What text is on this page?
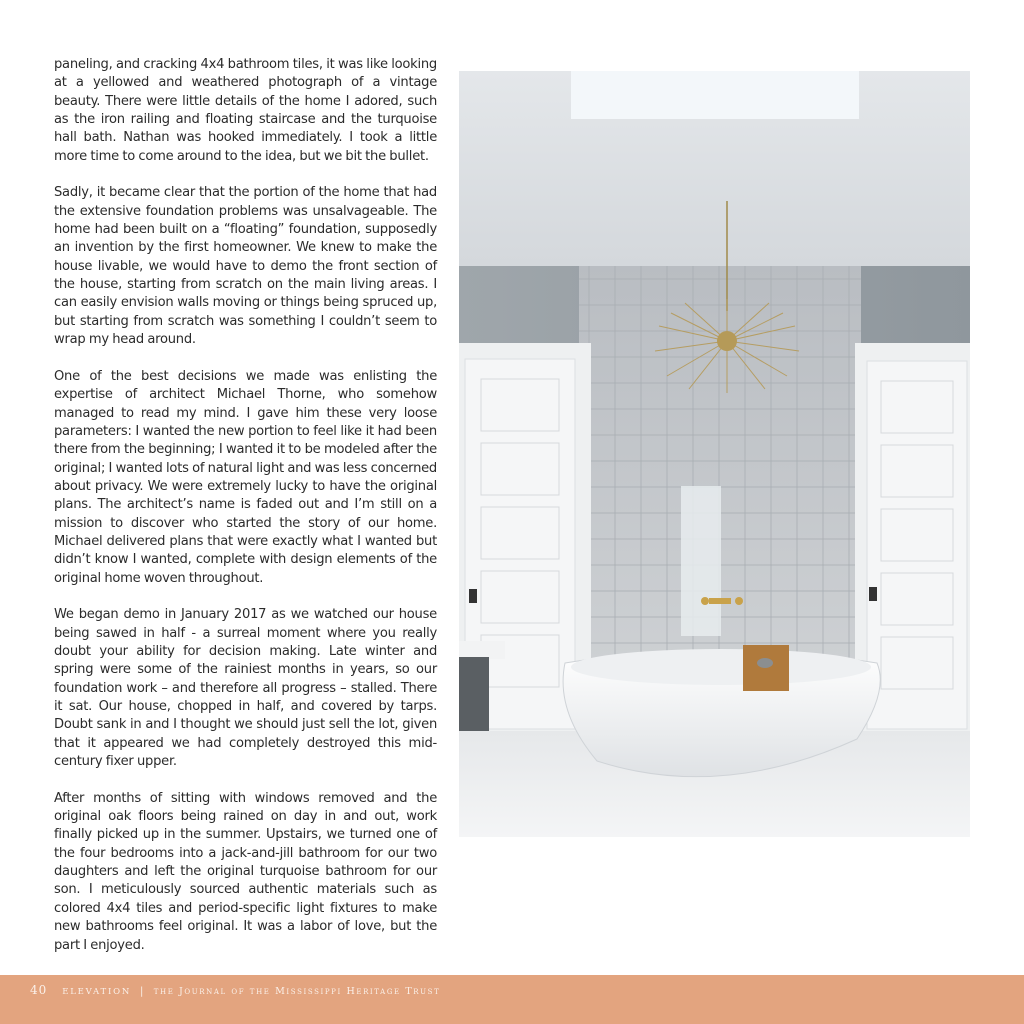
paneling, and cracking 4x4 bathroom tiles, it was like looking at a yellowed and weathered photograph of a vintage beauty. There were little details of the home I adored, such as the iron railing and floating staircase and the turquoise hall bath. Nathan was hooked immediately. I took a little more time to come around to the idea, but we bit the bullet.

Sadly, it became clear that the portion of the home that had the extensive foundation problems was unsalvageable. The home had been built on a “floating” foundation, supposedly an invention by the first homeowner. We knew to make the house livable, we would have to demo the front section of the house, starting from scratch on the main living areas. I can easily envision walls moving or things being spruced up, but starting from scratch was something I couldn’t seem to wrap my head around.

One of the best decisions we made was enlisting the expertise of architect Michael Thorne, who somehow managed to read my mind. I gave him these very loose parameters: I wanted the new portion to feel like it had been there from the beginning; I wanted it to be modeled after the original; I wanted lots of natural light and was less concerned about privacy. We were extremely lucky to have the original plans. The architect’s name is faded out and I’m still on a mission to discover who started the story of our home. Michael delivered plans that were exactly what I wanted but didn’t know I wanted, complete with design elements of the original home woven throughout.

We began demo in January 2017 as we watched our house being sawed in half - a surreal moment where you really doubt your ability for decision making. Late winter and spring were some of the rainiest months in years, so our foundation work – and therefore all progress – stalled. There it sat. Our house, chopped in half, and covered by tarps. Doubt sank in and I thought we should just sell the lot, given that it appeared we had completely destroyed this mid-century fixer upper.

After months of sitting with windows removed and the original oak floors being rained on day in and out, work finally picked up in the summer. Upstairs, we turned one of the four bedrooms into a jack-and-jill bathroom for our two daughters and left the original turquoise bathroom for our son. I meticulously sourced authentic materials such as colored 4x4 tiles and period-specific light fixtures to make new bathrooms feel original. It was a labor of love, but the part I enjoyed.

40 ELEVATION | the Journal of the Mississippi Heritage Trust
